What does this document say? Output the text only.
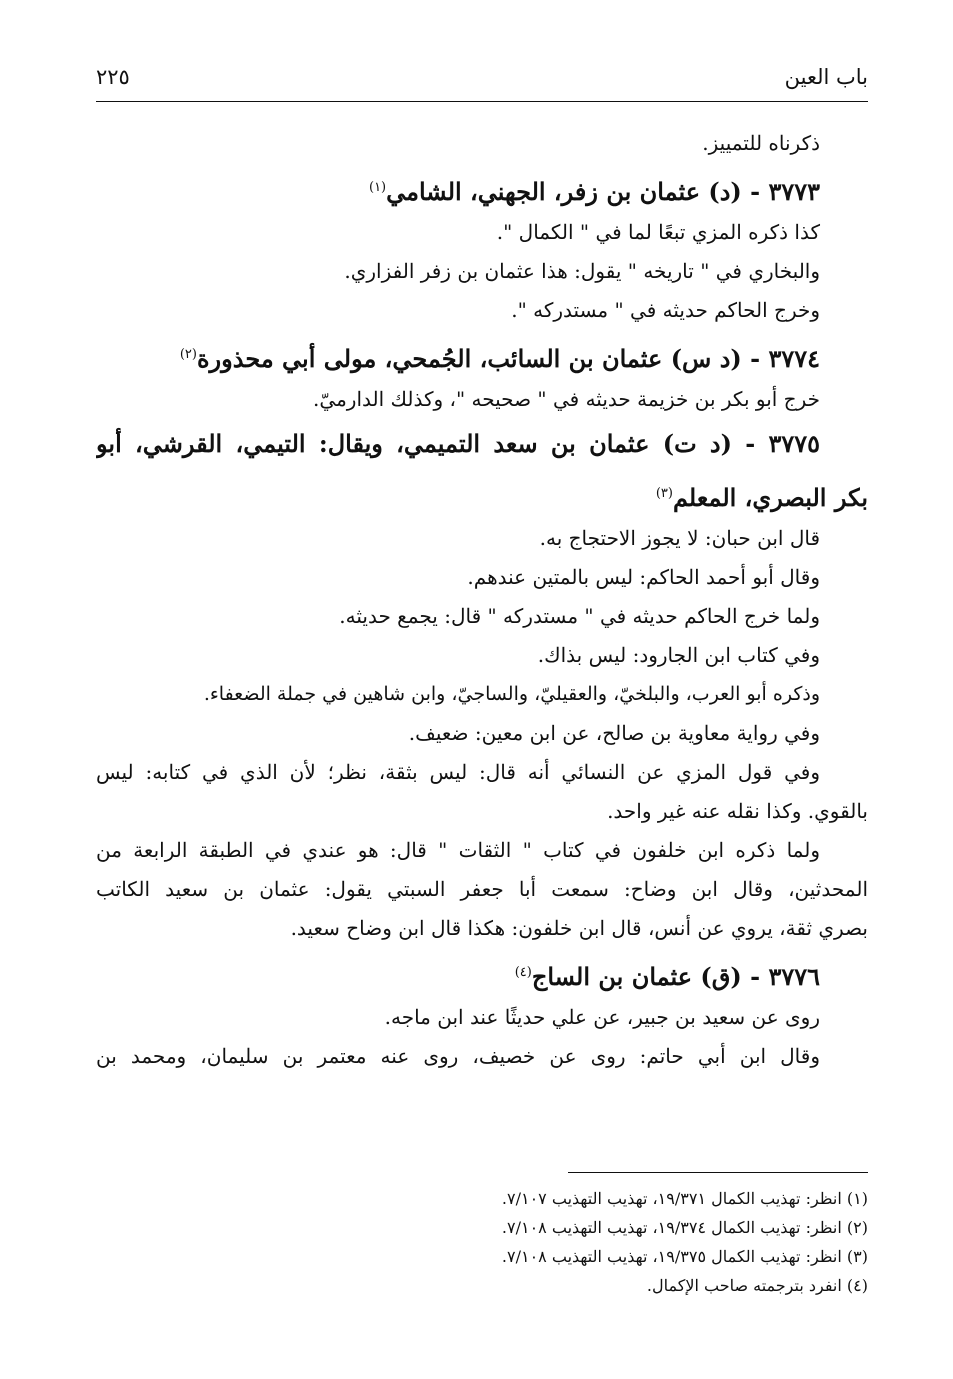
باب العين
٢٢٥
ذكرناه للتمييز.
٣٧٧٣ - (د) عثمان بن زفر، الجهني، الشامي$^{(١)}$
كذا ذكره المزي تبعًا لما في " الكمال ".
والبخاري في " تاريخه " يقول: هذا عثمان بن زفر الفزاري.
وخرج الحاكم حديثه في " مستدركه ".
٣٧٧٤ - (د س) عثمان بن السائب، الجُمحي، مولى أبي محذورة$^{(٢)}$
خرج أبو بكر بن خزيمة حديثه في " صحيحه "، وكذلك الدارميّ.
٣٧٧٥ - (د ت) عثمان بن سعد التميمي، ويقال: التيمي، القرشي، أبو
بكر البصري، المعلم$^{(٣)}$
قال ابن حبان: لا يجوز الاحتجاج به.
وقال أبو أحمد الحاكم: ليس بالمتين عندهم.
ولما خرج الحاكم حديثه في " مستدركه " قال: يجمع حديثه.
وفي كتاب ابن الجارود: ليس بذاك.
وذكره أبو العرب، والبلخيّ، والعقيليّ، والساجيّ، وابن شاهين في جملة الضعفاء.
وفي رواية معاوية بن صالح، عن ابن معين: ضعيف.
وفي قول المزي عن النسائي أنه قال: ليس بثقة، نظر؛ لأن الذي في كتابه: ليس
بالقوي. وكذا نقله عنه غير واحد.
ولما ذكره ابن خلفون في كتاب " الثقات " قال: هو عندي في الطبقة الرابعة من
المحدثين، وقال ابن وضاح: سمعت أبا جعفر السبتي يقول: عثمان بن سعيد الكاتب
بصري ثقة، يروي عن أنس، قال ابن خلفون: هكذا قال ابن وضاح سعيد.
٣٧٧٦ - (ق) عثمان بن الساج$^{(٤)}$
روى عن سعيد بن جبير، عن علي حديثًا عند ابن ماجه.
وقال ابن أبي حاتم: روى عن خصيف، روى عنه معتمر بن سليمان، ومحمد بن
(١) انظر: تهذيب الكمال ١٩/٣٧١، تهذيب التهذيب ٧/١٠٧.
(٢) انظر: تهذيب الكمال ١٩/٣٧٤، تهذيب التهذيب ٧/١٠٨.
(٣) انظر: تهذيب الكمال ١٩/٣٧٥، تهذيب التهذيب ٧/١٠٨.
(٤) انفرد بترجمته صاحب الإكمال.
